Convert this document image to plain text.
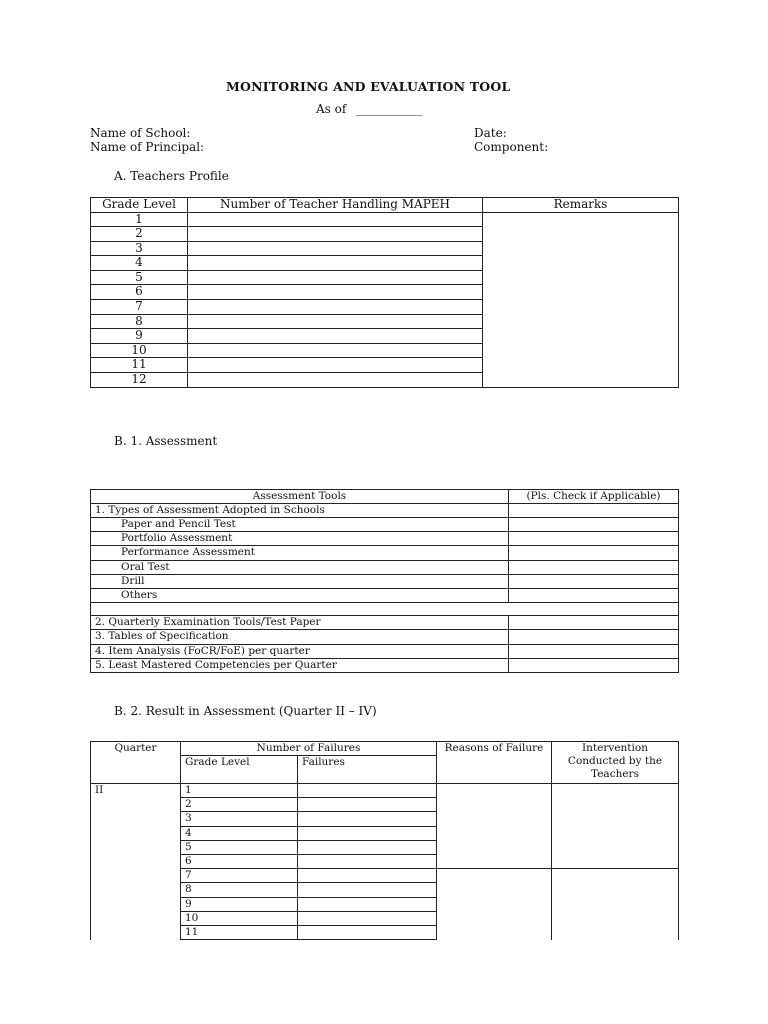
MONITORING AND EVALUATION TOOL
As of ___________
Name of School:
Name of Principal:
Date:
Component:
A. Teachers Profile
Grade Level	Number of Teacher Handling MAPEH	Remarks
1		
2		
3		
4		
5		
6		
7		
8		
9		
10		
11		
12		
B. 1. Assessment
Assessment Tools	(Pls. Check if Applicable)
1. Types of Assessment Adopted in Schools	
Paper and Pencil Test	
Portfolio Assessment	
Performance Assessment	
Oral Test	
Drill	
Others	

2. Quarterly Examination Tools/Test Paper	
3. Tables of Specification	
4. Item Analysis (FoCR/FoE) per quarter	
5. Least Mastered Competencies per Quarter	
B. 2. Result in Assessment (Quarter II – IV)
Quarter	Number of Failures		Reasons of Failure	Intervention Conducted by the Teachers
	Grade Level	Failures		
II	1			
	2			
	3			
	4			
	5			
	6			
	7			
	8			
	9			
	10			
	11			
